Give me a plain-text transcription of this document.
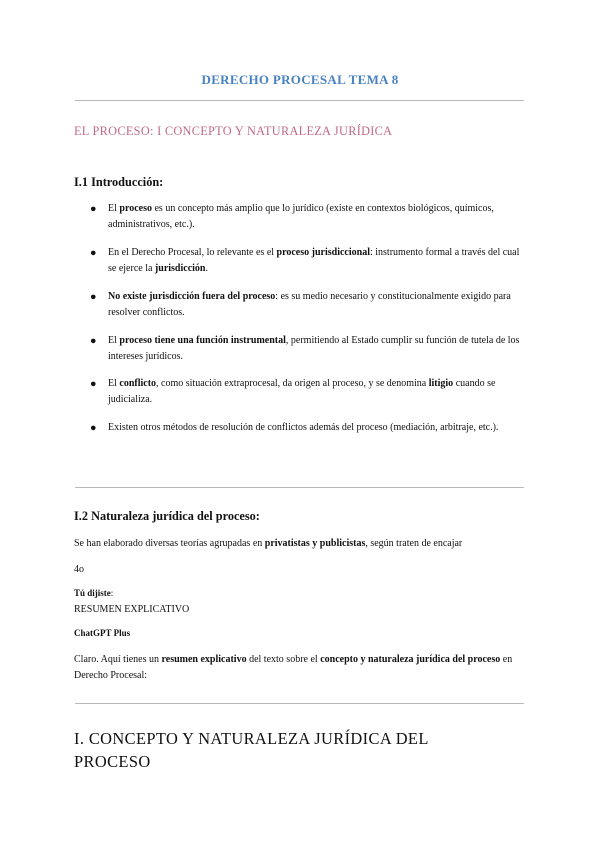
DERECHO PROCESAL TEMA 8
EL PROCESO: I CONCEPTO Y NATURALEZA JURÍDICA
I.1 Introducción:
● El proceso es un concepto más amplio que lo jurídico (existe en contextos biológicos, químicos, administrativos, etc.).
● En el Derecho Procesal, lo relevante es el proceso jurisdiccional: instrumento formal a través del cual se ejerce la jurisdicción.
● No existe jurisdicción fuera del proceso: es su medio necesario y constitucionalmente exigido para resolver conflictos.
● El proceso tiene una función instrumental, permitiendo al Estado cumplir su función de tutela de los intereses jurídicos.
● El conflicto, como situación extraprocesal, da origen al proceso, y se denomina litigio cuando se judicializa.
● Existen otros métodos de resolución de conflictos además del proceso (mediación, arbitraje, etc.).
I.2 Naturaleza jurídica del proceso:
Se han elaborado diversas teorías agrupadas en privatistas y publicistas, según traten de encajar
4o
Tú dijiste:
RESUMEN EXPLICATIVO
ChatGPT Plus
Claro. Aquí tienes un resumen explicativo del texto sobre el concepto y naturaleza jurídica del proceso en Derecho Procesal:
I. CONCEPTO Y NATURALEZA JURÍDICA DEL PROCESO
